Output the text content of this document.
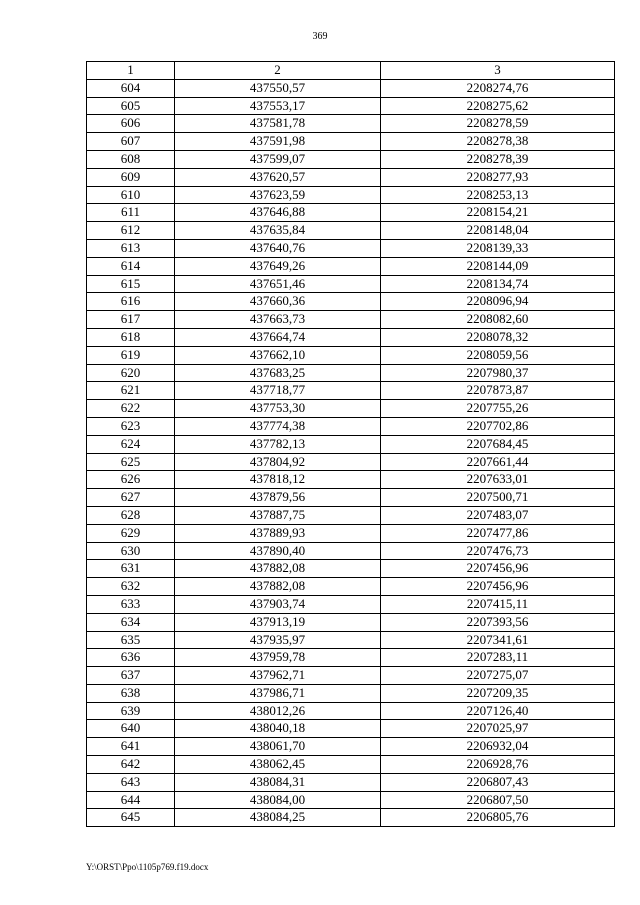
369
1	2	3
604	437550,57	2208274,76
605	437553,17	2208275,62
606	437581,78	2208278,59
607	437591,98	2208278,38
608	437599,07	2208278,39
609	437620,57	2208277,93
610	437623,59	2208253,13
611	437646,88	2208154,21
612	437635,84	2208148,04
613	437640,76	2208139,33
614	437649,26	2208144,09
615	437651,46	2208134,74
616	437660,36	2208096,94
617	437663,73	2208082,60
618	437664,74	2208078,32
619	437662,10	2208059,56
620	437683,25	2207980,37
621	437718,77	2207873,87
622	437753,30	2207755,26
623	437774,38	2207702,86
624	437782,13	2207684,45
625	437804,92	2207661,44
626	437818,12	2207633,01
627	437879,56	2207500,71
628	437887,75	2207483,07
629	437889,93	2207477,86
630	437890,40	2207476,73
631	437882,08	2207456,96
632	437882,08	2207456,96
633	437903,74	2207415,11
634	437913,19	2207393,56
635	437935,97	2207341,61
636	437959,78	2207283,11
637	437962,71	2207275,07
638	437986,71	2207209,35
639	438012,26	2207126,40
640	438040,18	2207025,97
641	438061,70	2206932,04
642	438062,45	2206928,76
643	438084,31	2206807,43
644	438084,00	2206807,50
645	438084,25	2206805,76
Y:\ORST\Ppo\1105p769.f19.docx
